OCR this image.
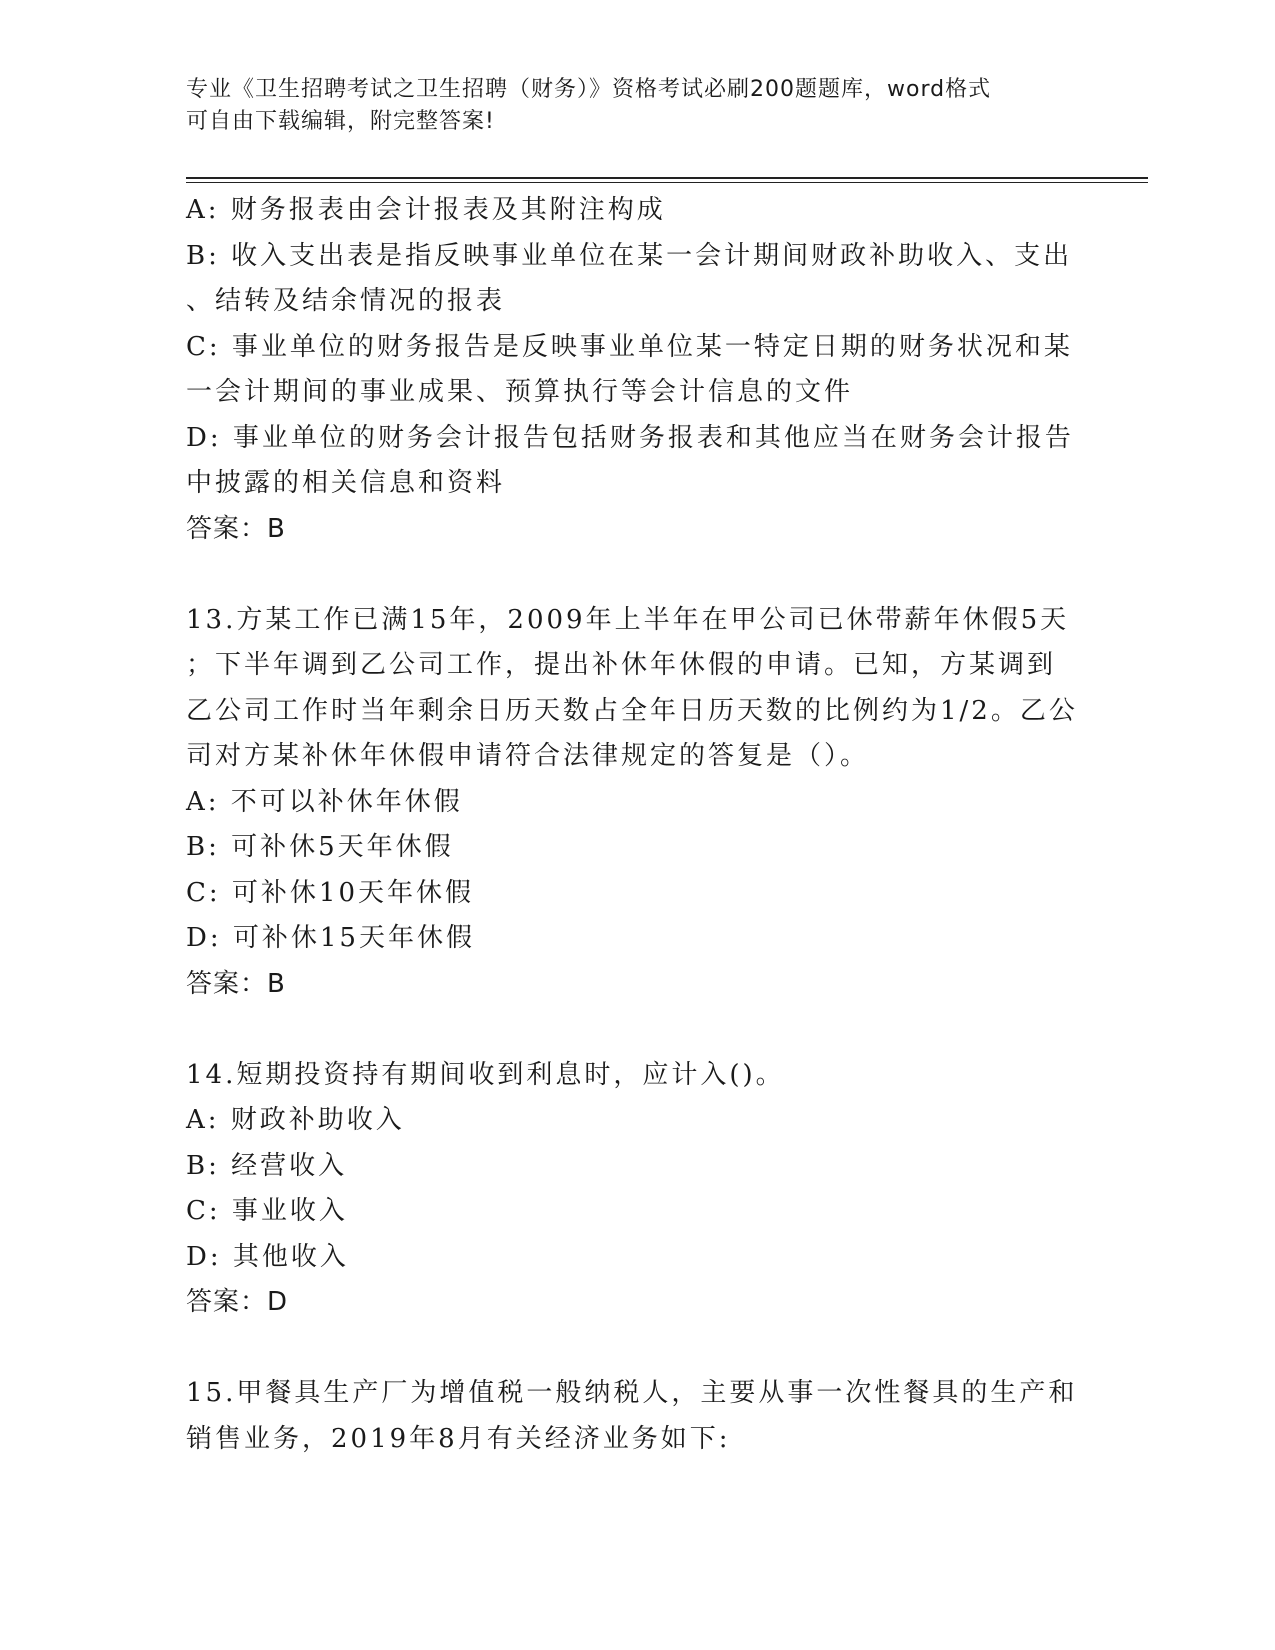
专业《卫生招聘考试之卫生招聘（财务）》资格考试必刷200题题库，word格式
可自由下载编辑，附完整答案!

A: 财务报表由会计报表及其附注构成

B: 收入支出表是指反映事业单位在某一会计期间财政补助收入、支出

、结转及结余情况的报表

C: 事业单位的财务报告是反映事业单位某一特定日期的财务状况和某

一会计期间的事业成果、预算执行等会计信息的文件

D: 事业单位的财务会计报告包括财务报表和其他应当在财务会计报告

中披露的相关信息和资料

答案：B

13.方某工作已满15年，2009年上半年在甲公司已休带薪年休假5天

；下半年调到乙公司工作，提出补休年休假的申请。已知，方某调到

乙公司工作时当年剩余日历天数占全年日历天数的比例约为1/2。乙公

司对方某补休年休假申请符合法律规定的答复是（）。

A: 不可以补休年休假

B: 可补休5天年休假

C: 可补休10天年休假

D: 可补休15天年休假

答案：B

14.短期投资持有期间收到利息时，应计入()。

A: 财政补助收入

B: 经营收入

C: 事业收入

D: 其他收入

答案：D

15.甲餐具生产厂为增值税一般纳税人，主要从事一次性餐具的生产和

销售业务，2019年8月有关经济业务如下:
